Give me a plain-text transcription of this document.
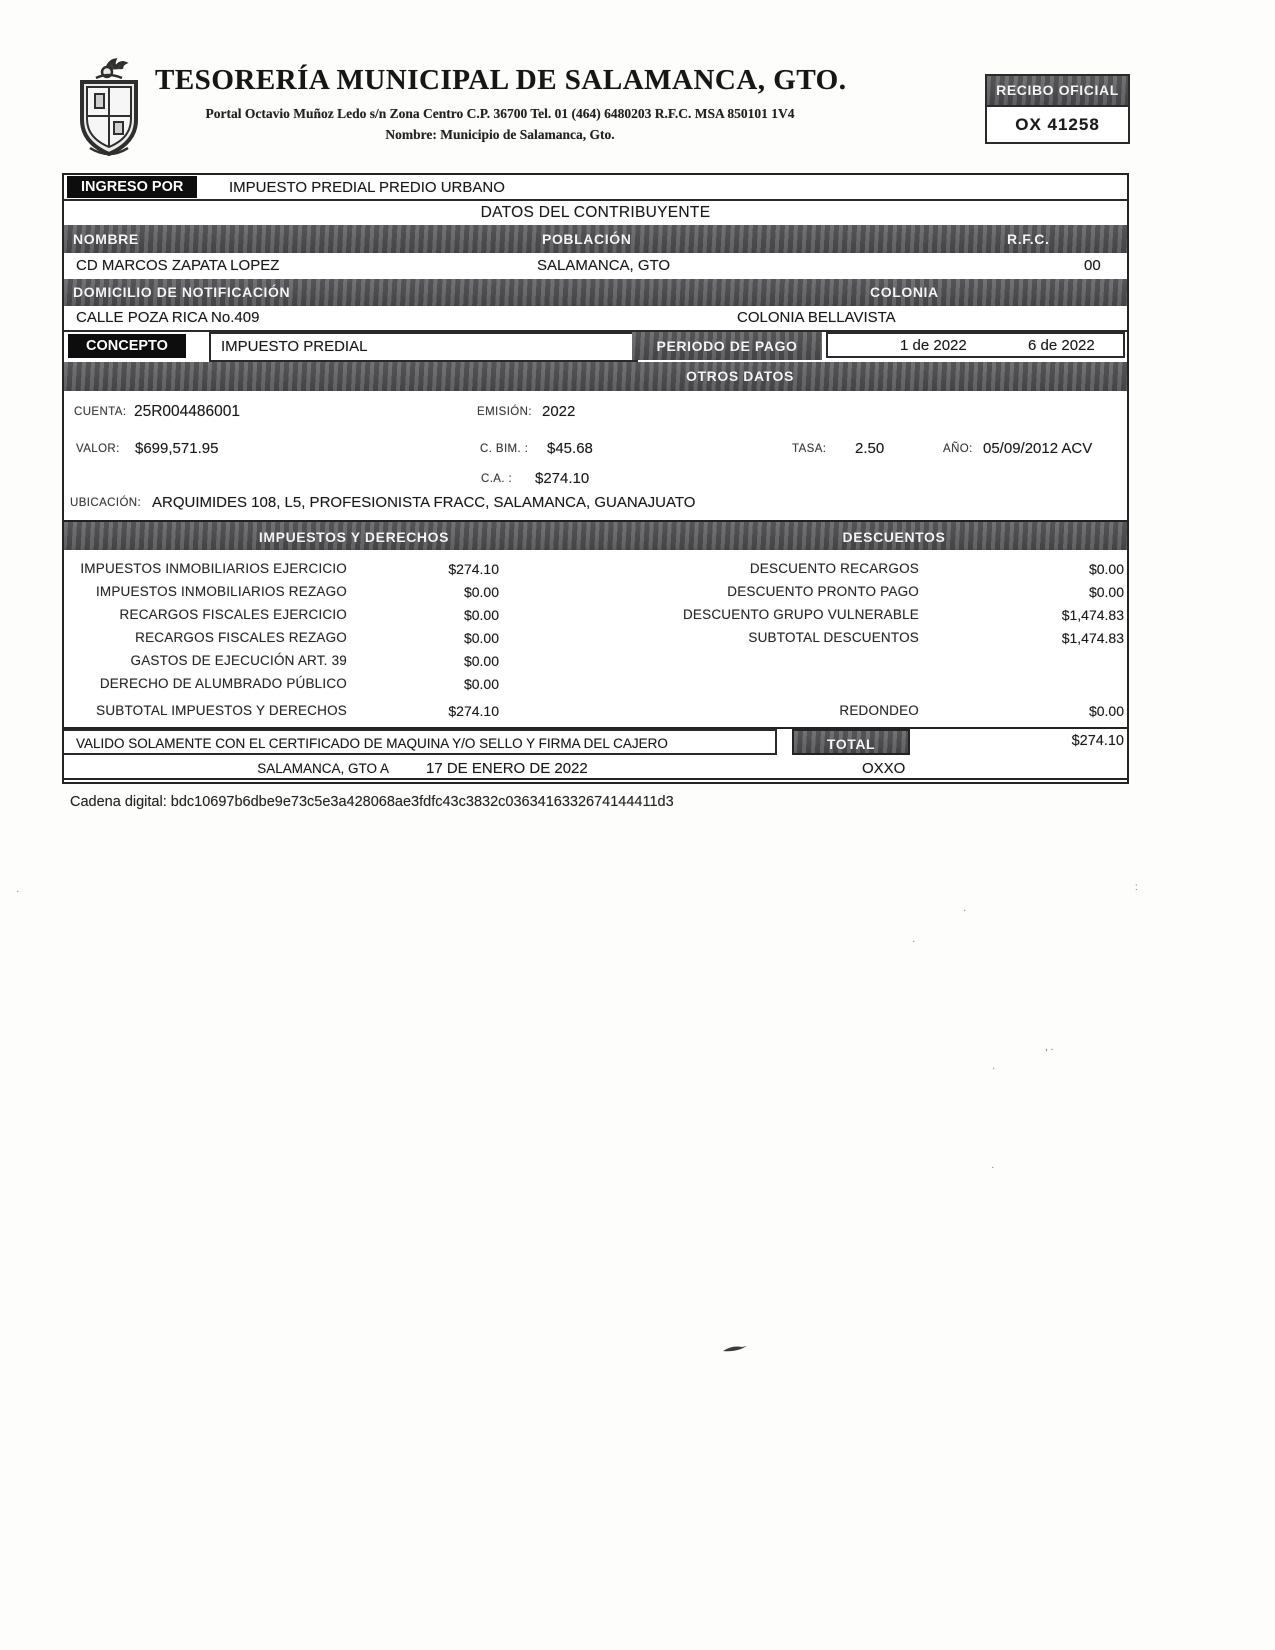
TESORERÍA MUNICIPAL DE SALAMANCA, GTO.
Portal Octavio Muñoz Ledo s/n Zona Centro C.P. 36700 Tel. 01 (464) 6480203 R.F.C. MSA 850101 1V4
Nombre: Municipio de Salamanca, Gto.
RECIBO OFICIAL
OX 41258
INGRESO POR	IMPUESTO PREDIAL PREDIO URBANO
DATOS DEL CONTRIBUYENTE
NOMBRE	POBLACIÓN	R.F.C.
CD MARCOS ZAPATA LOPEZ	SALAMANCA, GTO	00
DOMICILIO DE NOTIFICACIÓN	COLONIA
CALLE POZA RICA No.409	COLONIA BELLAVISTA
CONCEPTO	IMPUESTO PREDIAL	PERIODO DE PAGO	1 de 2022	6 de 2022
OTROS DATOS
CUENTA: 25R004486001	EMISIÓN: 2022
VALOR: $699,571.95	C. BIM. : $45.68	TASA: 2.50	AÑO: 05/09/2012 ACV
C.A. : $274.10
UBICACIÓN: ARQUIMIDES 108, L5, PROFESIONISTA FRACC, SALAMANCA, GUANAJUATO
IMPUESTOS Y DERECHOS	DESCUENTOS
IMPUESTOS INMOBILIARIOS EJERCICIO	$274.10
IMPUESTOS INMOBILIARIOS REZAGO	$0.00
RECARGOS FISCALES EJERCICIO	$0.00
RECARGOS FISCALES REZAGO	$0.00
GASTOS DE EJECUCIÓN ART. 39	$0.00
DERECHO DE ALUMBRADO PÚBLICO	$0.00
SUBTOTAL IMPUESTOS Y DERECHOS	$274.10
DESCUENTO RECARGOS	$0.00
DESCUENTO PRONTO PAGO	$0.00
DESCUENTO GRUPO VULNERABLE	$1,474.83
SUBTOTAL DESCUENTOS	$1,474.83
REDONDEO	$0.00
VALIDO SOLAMENTE CON EL CERTIFICADO DE MAQUINA Y/O SELLO Y FIRMA DEL CAJERO	TOTAL	$274.10
SALAMANCA, GTO A 17 DE ENERO DE 2022	OXXO
Cadena digital: bdc10697b6dbe9e73c5e3a428068ae3fdfc43c3832c0363416332674144411d3
·
:
·
·
, .
·
·
